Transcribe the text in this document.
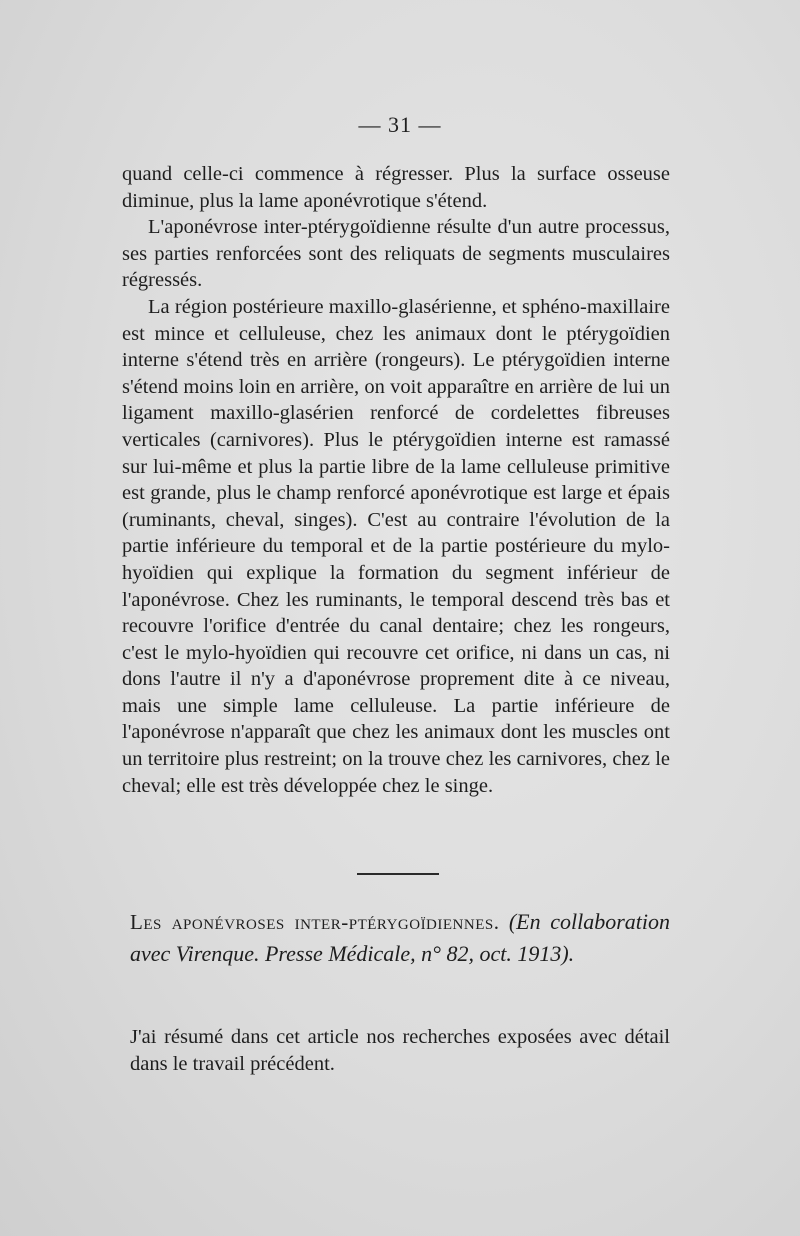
— 31 —

quand celle-ci commence à régresser. Plus la surface osseuse diminue, plus la lame aponévrotique s'étend.

L'aponévrose inter-ptérygoïdienne résulte d'un autre processus, ses parties renforcées sont des reliquats de segments musculaires régressés.

La région postérieure maxillo-glasérienne, et sphéno-maxillaire est mince et celluleuse, chez les animaux dont le ptérygoïdien interne s'étend très en arrière (rongeurs). Le ptérygoïdien interne s'étend moins loin en arrière, on voit apparaître en arrière de lui un ligament maxillo-glasérien renforcé de cordelettes fibreuses verticales (carnivores). Plus le ptérygoïdien interne est ramassé sur lui-même et plus la partie libre de la lame celluleuse primitive est grande, plus le champ renforcé aponévrotique est large et épais (ruminants, cheval, singes). C'est au contraire l'évolution de la partie inférieure du temporal et de la partie postérieure du mylo-hyoïdien qui explique la formation du segment inférieur de l'aponévrose. Chez les ruminants, le temporal descend très bas et recouvre l'orifice d'entrée du canal dentaire; chez les rongeurs, c'est le mylo-hyoïdien qui recouvre cet orifice, ni dans un cas, ni dons l'autre il n'y a d'aponévrose proprement dite à ce niveau, mais une simple lame celluleuse. La partie inférieure de l'aponévrose n'apparaît que chez les animaux dont les muscles ont un territoire plus restreint; on la trouve chez les carnivores, chez le cheval; elle est très développée chez le singe.

Les aponévroses inter-ptérygoïdiennes. (En collaboration avec Virenque. Presse Médicale, n° 82, oct. 1913).

J'ai résumé dans cet article nos recherches exposées avec détail dans le travail précédent.
